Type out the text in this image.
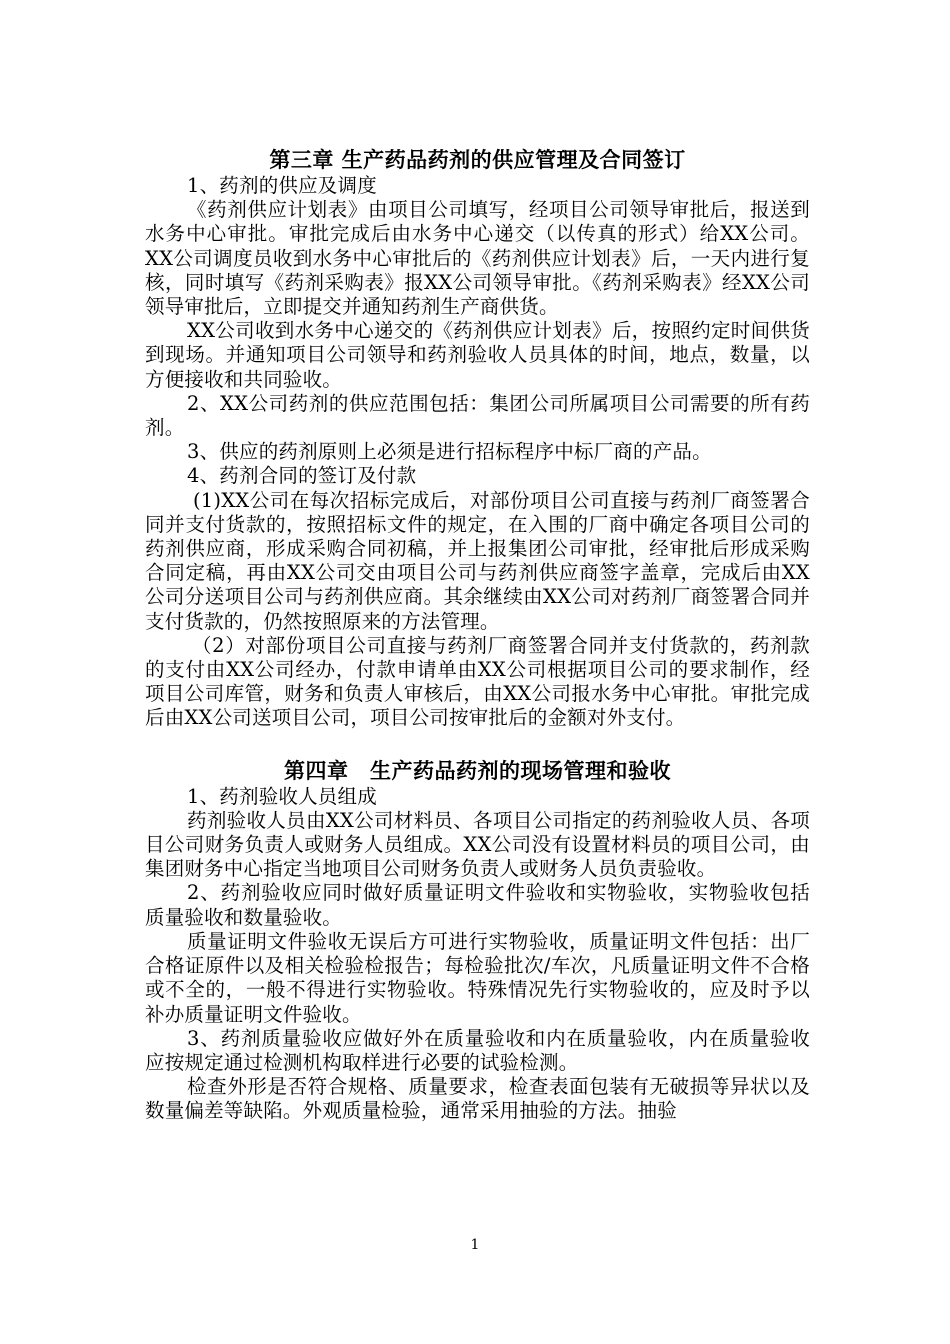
第三章 生产药品药剂的供应管理及合同签订

1、药剂的供应及调度

《药剂供应计划表》由项目公司填写，经项目公司领导审批后，报送到水务中心审批。审批完成后由水务中心递交（以传真的形式）给XX公司。XX公司调度员收到水务中心审批后的《药剂供应计划表》后，一天内进行复核，同时填写《药剂采购表》报XX公司领导审批。《药剂采购表》经XX公司领导审批后，立即提交并通知药剂生产商供货。

XX公司收到水务中心递交的《药剂供应计划表》后，按照约定时间供货到现场。并通知项目公司领导和药剂验收人员具体的时间，地点，数量，以方便接收和共同验收。

2、XX公司药剂的供应范围包括：集团公司所属项目公司需要的所有药剂。

3、供应的药剂原则上必须是进行招标程序中标厂商的产品。

4、药剂合同的签订及付款

(1)XX公司在每次招标完成后，对部份项目公司直接与药剂厂商签署合同并支付货款的，按照招标文件的规定，在入围的厂商中确定各项目公司的药剂供应商，形成采购合同初稿，并上报集团公司审批，经审批后形成采购合同定稿，再由XX公司交由项目公司与药剂供应商签字盖章，完成后由XX公司分送项目公司与药剂供应商。其余继续由XX公司对药剂厂商签署合同并支付货款的，仍然按照原来的方法管理。

（2）对部份项目公司直接与药剂厂商签署合同并支付货款的，药剂款的支付由XX公司经办，付款申请单由XX公司根据项目公司的要求制作，经项目公司库管，财务和负责人审核后，由XX公司报水务中心审批。审批完成后由XX公司送项目公司，项目公司按审批后的金额对外支付。

第四章　生产药品药剂的现场管理和验收

1、药剂验收人员组成

药剂验收人员由XX公司材料员、各项目公司指定的药剂验收人员、各项目公司财务负责人或财务人员组成。XX公司没有设置材料员的项目公司，由集团财务中心指定当地项目公司财务负责人或财务人员负责验收。

2、药剂验收应同时做好质量证明文件验收和实物验收，实物验收包括质量验收和数量验收。

质量证明文件验收无误后方可进行实物验收，质量证明文件包括：出厂合格证原件以及相关检验检报告；每检验批次/车次，凡质量证明文件不合格或不全的，一般不得进行实物验收。特殊情况先行实物验收的，应及时予以补办质量证明文件验收。

3、药剂质量验收应做好外在质量验收和内在质量验收，内在质量验收应按规定通过检测机构取样进行必要的试验检测。

检查外形是否符合规格、质量要求，检查表面包装有无破损等异状以及数量偏差等缺陷。外观质量检验，通常采用抽验的方法。抽验

1
